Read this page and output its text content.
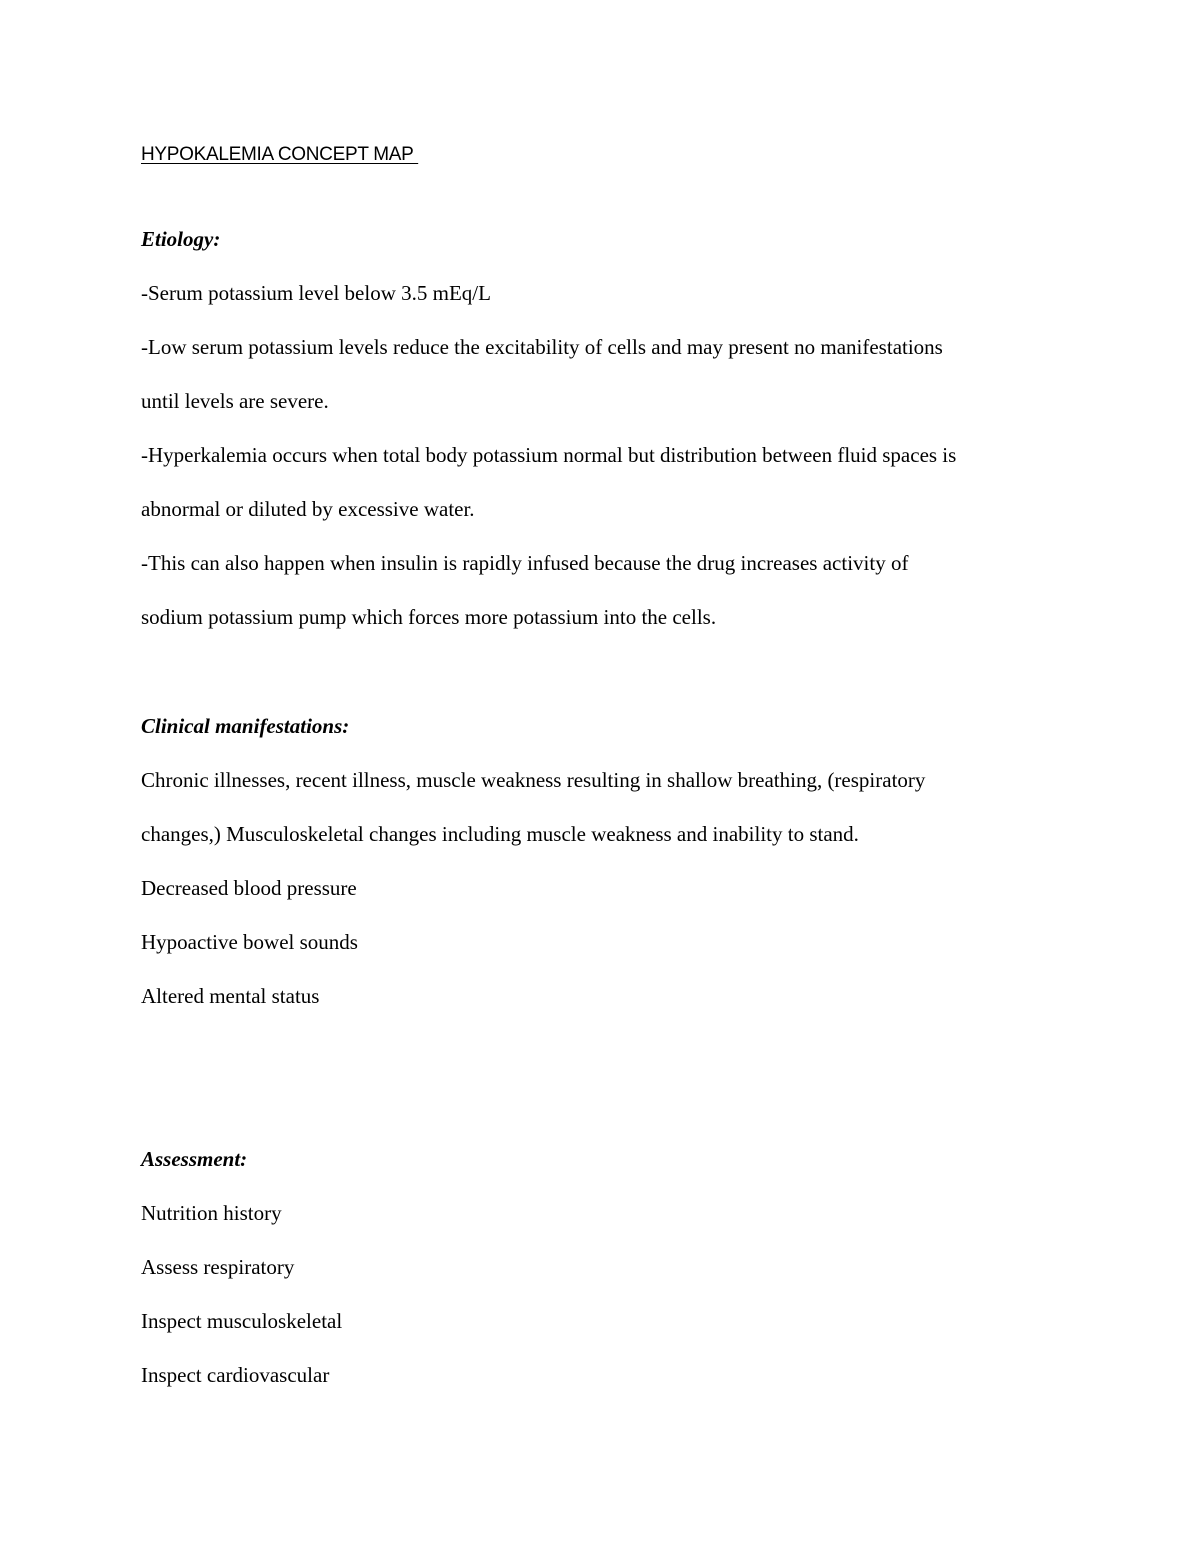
HYPOKALEMIA CONCEPT MAP
Etiology:
-Serum potassium level below 3.5 mEq/L
-Low serum potassium levels reduce the excitability of cells and may present no manifestations
until levels are severe.
-Hyperkalemia occurs when total body potassium normal but distribution between fluid spaces is
abnormal or diluted by excessive water.
-This can also happen when insulin is rapidly infused because the drug increases activity of
sodium potassium pump which forces more potassium into the cells.
Clinical manifestations:
Chronic illnesses, recent illness, muscle weakness resulting in shallow breathing, (respiratory
changes,) Musculoskeletal changes including muscle weakness and inability to stand.
Decreased blood pressure
Hypoactive bowel sounds
Altered mental status
Assessment:
Nutrition history
Assess respiratory
Inspect musculoskeletal
Inspect cardiovascular
